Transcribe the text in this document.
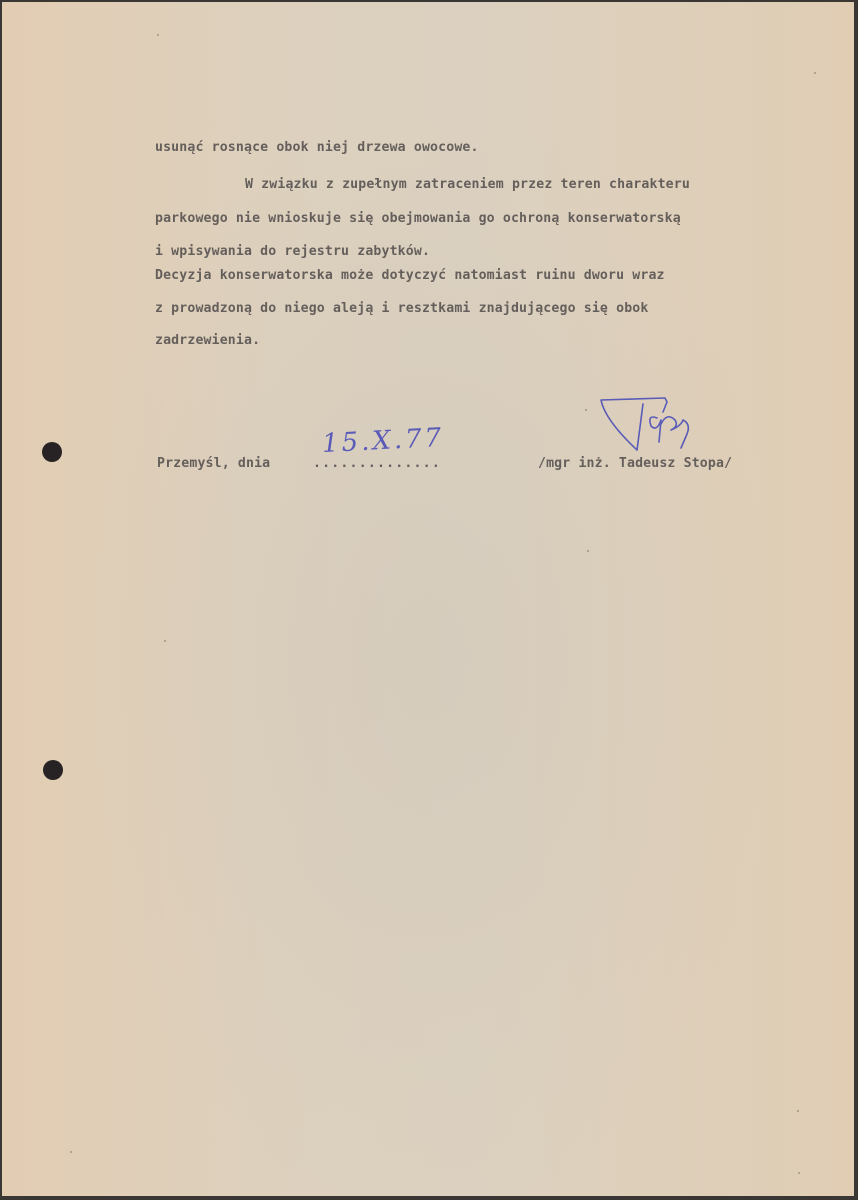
usunąć rosnące obok niej drzewa owocowe.
W związku z zupełnym zatraceniem przez teren charakteru
parkowego nie wnioskuje się obejmowania go ochroną konserwatorską
i wpisywania do rejestru zabytków.
Decyzja konserwatorska może dotyczyć natomiast ruinu dworu wraz
z prowadzoną do niego aleją i resztkami znajdującego się obok
zadrzewienia.
Przemyśl, dnia	..............
15.X.77
/mgr inż. Tadeusz Stopa/
